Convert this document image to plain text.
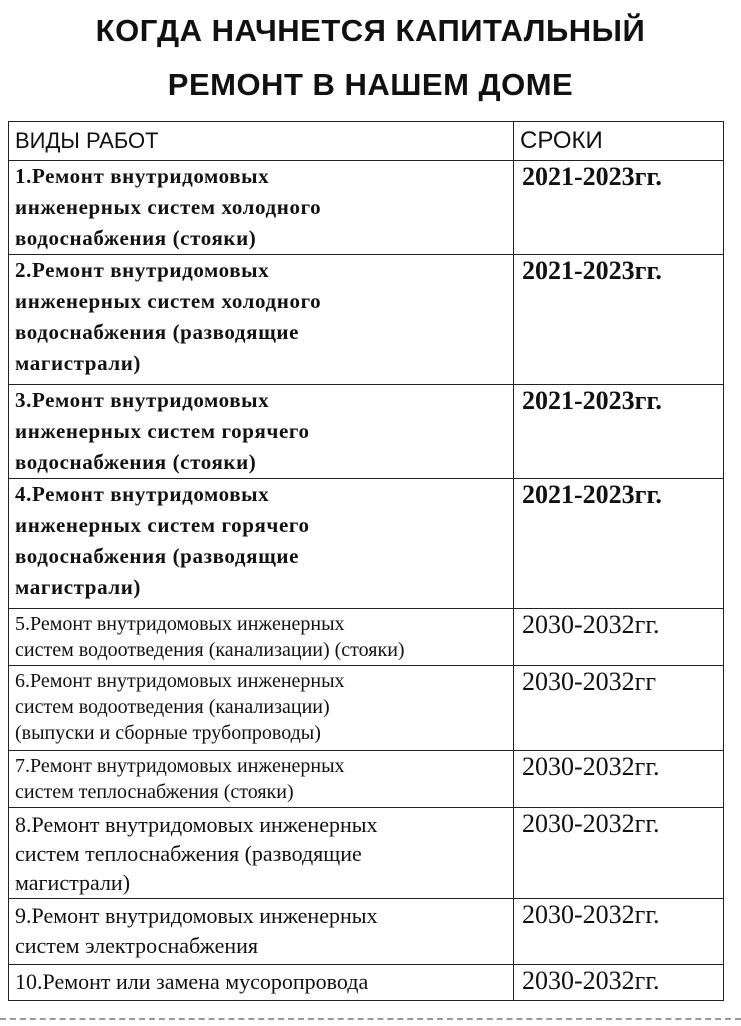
КОГДА НАЧНЕТСЯ КАПИТАЛЬНЫЙ
РЕМОНТ В НАШЕМ ДОМЕ
ВИДЫ РАБОТ	СРОКИ

1.Ремонт внутридомовых
инженерных систем холодного
водоснабжения (стояки)	2021-2023гг.

2.Ремонт внутридомовых
инженерных систем холодного
водоснабжения (разводящие
магистрали)	2021-2023гг.

3.Ремонт внутридомовых
инженерных систем горячего
водоснабжения (стояки)	2021-2023гг.

4.Ремонт внутридомовых
инженерных систем горячего
водоснабжения (разводящие
магистрали)	2021-2023гг.

5.Ремонт внутридомовых инженерных
систем водоотведения (канализации) (стояки)	2030-2032гг.

6.Ремонт внутридомовых инженерных
систем водоотведения (канализации)
(выпуски и сборные трубопроводы)	2030-2032гг

7.Ремонт внутридомовых инженерных
систем теплоснабжения (стояки)	2030-2032гг.

8.Ремонт внутридомовых инженерных
систем теплоснабжения (разводящие
магистрали)	2030-2032гг.

9.Ремонт внутридомовых инженерных
систем электроснабжения	2030-2032гг.

10.Ремонт или замена мусоропровода	2030-2032гг.
